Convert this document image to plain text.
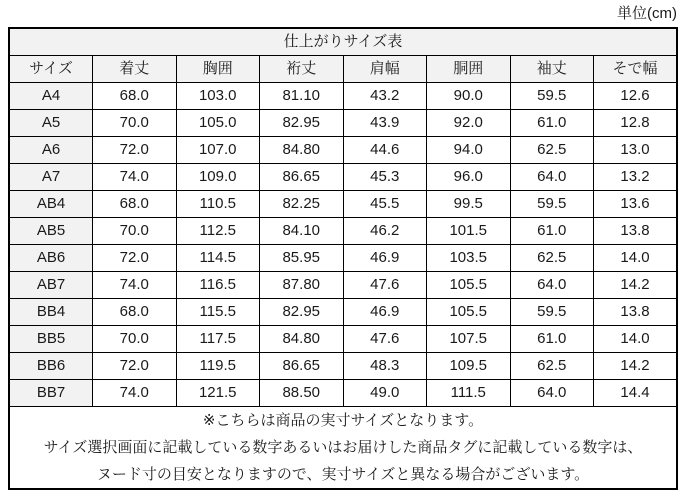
単位(cm)
仕上がりサイズ表							
サイズ	着丈	胸囲	裄丈	肩幅	胴囲	袖丈	そで幅
A4	68.0	103.0	81.10	43.2	90.0	59.5	12.6
A5	70.0	105.0	82.95	43.9	92.0	61.0	12.8
A6	72.0	107.0	84.80	44.6	94.0	62.5	13.0
A7	74.0	109.0	86.65	45.3	96.0	64.0	13.2
AB4	68.0	110.5	82.25	45.5	99.5	59.5	13.6
AB5	70.0	112.5	84.10	46.2	101.5	61.0	13.8
AB6	72.0	114.5	85.95	46.9	103.5	62.5	14.0
AB7	74.0	116.5	87.80	47.6	105.5	64.0	14.2
BB4	68.0	115.5	82.95	46.9	105.5	59.5	13.8
BB5	70.0	117.5	84.80	47.6	107.5	61.0	14.0
BB6	72.0	119.5	86.65	48.3	109.5	62.5	14.2
BB7	74.0	121.5	88.50	49.0	111.5	64.0	14.4

※こちらは商品の実寸サイズとなります。
サイズ選択画面に記載している数字あるいはお届けした商品タグに記載している数字は、
ヌード寸の目安となりますので、実寸サイズと異なる場合がございます。							
